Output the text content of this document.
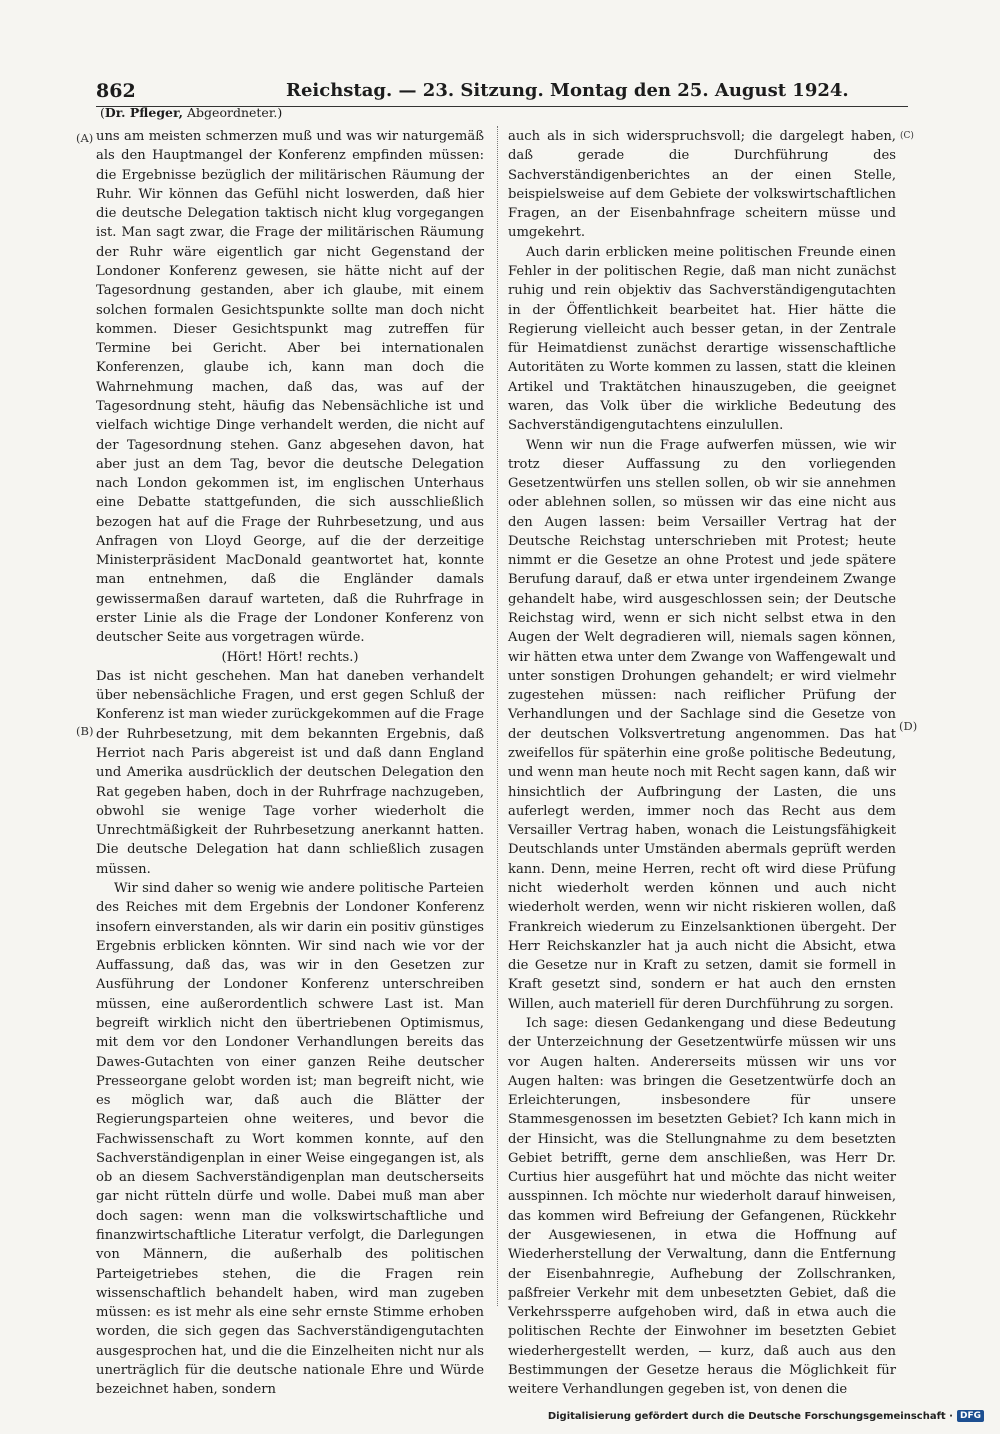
862	Reichstag. — 23. Sitzung. Montag den 25. August 1924.
(Dr. Pfleger, Abgeordneter.)
(A)
(B)
(C)
(D)

uns am meisten schmerzen muß und was wir naturgemäß als den Hauptmangel der Konferenz empfinden müssen: die Ergebnisse bezüglich der militärischen Räumung der Ruhr. Wir können das Gefühl nicht loswerden, daß hier die deutsche Delegation taktisch nicht klug vorgegangen ist. Man sagt zwar, die Frage der militärischen Räumung der Ruhr wäre eigentlich gar nicht Gegenstand der Londoner Konferenz gewesen, sie hätte nicht auf der Tagesordnung gestanden, aber ich glaube, mit einem solchen formalen Gesichtspunkte sollte man doch nicht kommen. Dieser Gesichtspunkt mag zutreffen für Termine bei Gericht. Aber bei internationalen Konferenzen, glaube ich, kann man doch die Wahrnehmung machen, daß das, was auf der Tagesordnung steht, häufig das Nebensächliche ist und vielfach wichtige Dinge verhandelt werden, die nicht auf der Tagesordnung stehen. Ganz abgesehen davon, hat aber just an dem Tag, bevor die deutsche Delegation nach London gekommen ist, im englischen Unterhaus eine Debatte stattgefunden, die sich ausschließlich bezogen hat auf die Frage der Ruhrbesetzung, und aus Anfragen von Lloyd George, auf die der derzeitige Ministerpräsident MacDonald geantwortet hat, konnte man entnehmen, daß die Engländer damals gewissermaßen darauf warteten, daß die Ruhrfrage in erster Linie als die Frage der Londoner Konferenz von deutscher Seite aus vorgetragen würde.

(Hört! Hört! rechts.)

Das ist nicht geschehen. Man hat daneben verhandelt über nebensächliche Fragen, und erst gegen Schluß der Konferenz ist man wieder zurückgekommen auf die Frage der Ruhrbesetzung, mit dem bekannten Ergebnis, daß Herriot nach Paris abgereist ist und daß dann England und Amerika ausdrücklich der deutschen Delegation den Rat gegeben haben, doch in der Ruhrfrage nachzugeben, obwohl sie wenige Tage vorher wiederholt die Unrechtmäßigkeit der Ruhrbesetzung anerkannt hatten. Die deutsche Delegation hat dann schließlich zusagen müssen.

Wir sind daher so wenig wie andere politische Parteien des Reiches mit dem Ergebnis der Londoner Konferenz insofern einverstanden, als wir darin ein positiv günstiges Ergebnis erblicken könnten. Wir sind nach wie vor der Auffassung, daß das, was wir in den Gesetzen zur Ausführung der Londoner Konferenz unterschreiben müssen, eine außerordentlich schwere Last ist. Man begreift wirklich nicht den übertriebenen Optimismus, mit dem vor den Londoner Verhandlungen bereits das Dawes-Gutachten von einer ganzen Reihe deutscher Presseorgane gelobt worden ist; man begreift nicht, wie es möglich war, daß auch die Blätter der Regierungsparteien ohne weiteres, und bevor die Fachwissenschaft zu Wort kommen konnte, auf den Sachverständigenplan in einer Weise eingegangen ist, als ob an diesem Sachverständigenplan man deutscherseits gar nicht rütteln dürfe und wolle. Dabei muß man aber doch sagen: wenn man die volkswirtschaftliche und finanzwirtschaftliche Literatur verfolgt, die Darlegungen von Männern, die außerhalb des politischen Parteigetriebes stehen, die die Fragen rein wissenschaftlich behandelt haben, wird man zugeben müssen: es ist mehr als eine sehr ernste Stimme erhoben worden, die sich gegen das Sachverständigengutachten ausgesprochen hat, und die die Einzelheiten nicht nur als unerträglich für die deutsche nationale Ehre und Würde bezeichnet haben, sondern

auch als in sich widerspruchsvoll; die dargelegt haben, daß gerade die Durchführung des Sachverständigenberichtes an der einen Stelle, beispielsweise auf dem Gebiete der volkswirtschaftlichen Fragen, an der Eisenbahnfrage scheitern müsse und umgekehrt.

Auch darin erblicken meine politischen Freunde einen Fehler in der politischen Regie, daß man nicht zunächst ruhig und rein objektiv das Sachverständigengutachten in der Öffentlichkeit bearbeitet hat. Hier hätte die Regierung vielleicht auch besser getan, in der Zentrale für Heimatdienst zunächst derartige wissenschaftliche Autoritäten zu Worte kommen zu lassen, statt die kleinen Artikel und Traktätchen hinauszugeben, die geeignet waren, das Volk über die wirkliche Bedeutung des Sachverständigengutachtens einzulullen.

Wenn wir nun die Frage aufwerfen müssen, wie wir trotz dieser Auffassung zu den vorliegenden Gesetzentwürfen uns stellen sollen, ob wir sie annehmen oder ablehnen sollen, so müssen wir das eine nicht aus den Augen lassen: beim Versailler Vertrag hat der Deutsche Reichstag unterschrieben mit Protest; heute nimmt er die Gesetze an ohne Protest und jede spätere Berufung darauf, daß er etwa unter irgendeinem Zwange gehandelt habe, wird ausgeschlossen sein; der Deutsche Reichstag wird, wenn er sich nicht selbst etwa in den Augen der Welt degradieren will, niemals sagen können, wir hätten etwa unter dem Zwange von Waffengewalt und unter sonstigen Drohungen gehandelt; er wird vielmehr zugestehen müssen: nach reiflicher Prüfung der Verhandlungen und der Sachlage sind die Gesetze von der deutschen Volksvertretung angenommen. Das hat zweifellos für späterhin eine große politische Bedeutung, und wenn man heute noch mit Recht sagen kann, daß wir hinsichtlich der Aufbringung der Lasten, die uns auferlegt werden, immer noch das Recht aus dem Versailler Vertrag haben, wonach die Leistungsfähigkeit Deutschlands unter Umständen abermals geprüft werden kann. Denn, meine Herren, recht oft wird diese Prüfung nicht wiederholt werden können und auch nicht wiederholt werden, wenn wir nicht riskieren wollen, daß Frankreich wiederum zu Einzelsanktionen übergeht. Der Herr Reichskanzler hat ja auch nicht die Absicht, etwa die Gesetze nur in Kraft zu setzen, damit sie formell in Kraft gesetzt sind, sondern er hat auch den ernsten Willen, auch materiell für deren Durchführung zu sorgen.

Ich sage: diesen Gedankengang und diese Bedeutung der Unterzeichnung der Gesetzentwürfe müssen wir uns vor Augen halten. Andererseits müssen wir uns vor Augen halten: was bringen die Gesetzentwürfe doch an Erleichterungen, insbesondere für unsere Stammesgenossen im besetzten Gebiet? Ich kann mich in der Hinsicht, was die Stellungnahme zu dem besetzten Gebiet betrifft, gerne dem anschließen, was Herr Dr. Curtius hier ausgeführt hat und möchte das nicht weiter ausspinnen. Ich möchte nur wiederholt darauf hinweisen, das kommen wird Befreiung der Gefangenen, Rückkehr der Ausgewiesenen, in etwa die Hoffnung auf Wiederherstellung der Verwaltung, dann die Entfernung der Eisenbahnregie, Aufhebung der Zollschranken, paßfreier Verkehr mit dem unbesetzten Gebiet, daß die Verkehrssperre aufgehoben wird, daß in etwa auch die politischen Rechte der Einwohner im besetzten Gebiet wiederhergestellt werden, — kurz, daß auch aus den Bestimmungen der Gesetze heraus die Möglichkeit für weitere Verhandlungen gegeben ist, von denen die

Digitalisierung gefördert durch die Deutsche Forschungsgemeinschaft · DFG
